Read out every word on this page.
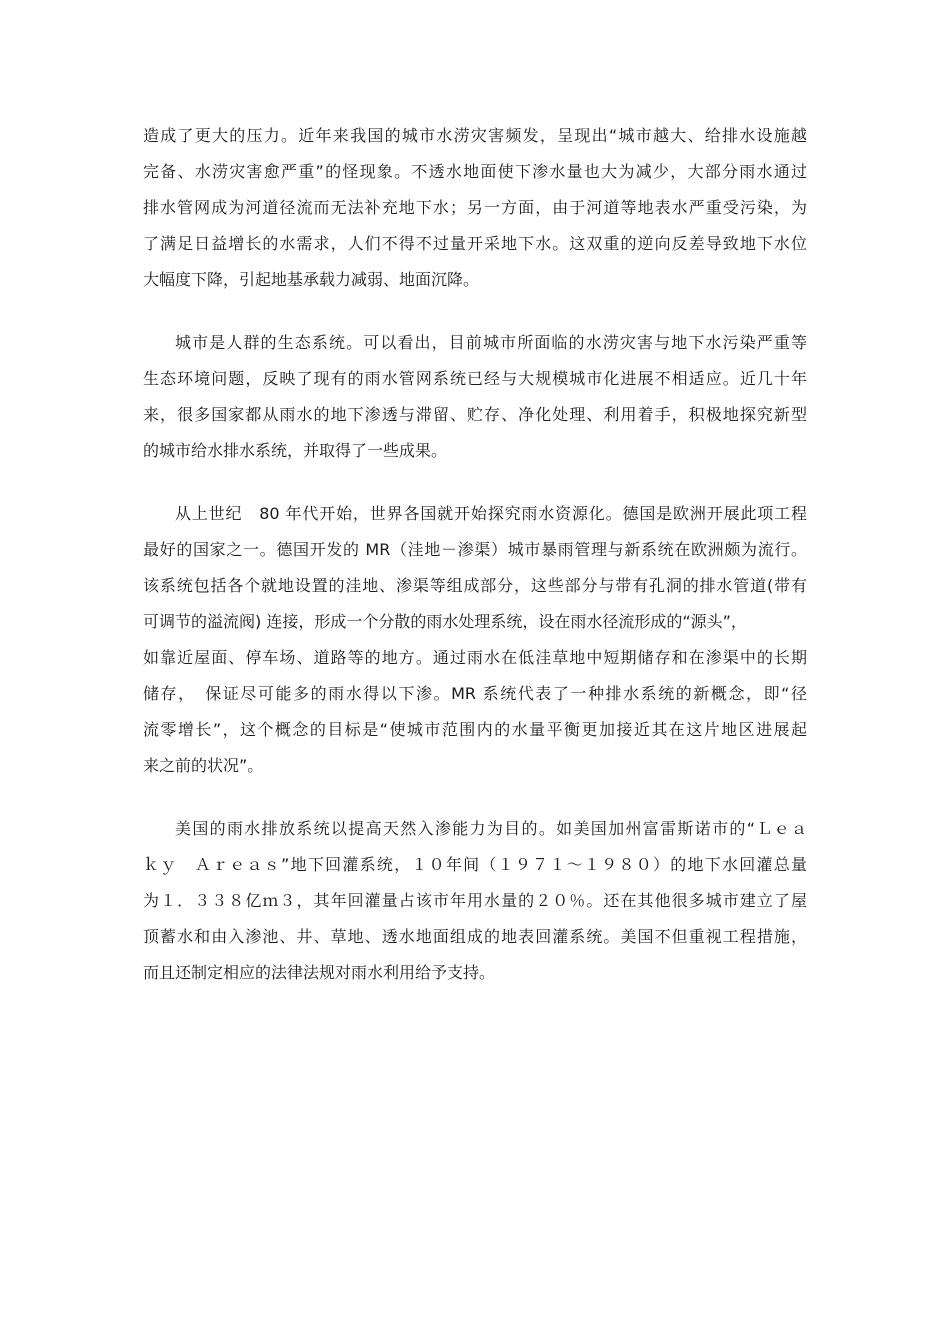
造成了更大的压力。近年来我国的城市水涝灾害频发，呈现出“城市越大、给排水设施越
完备、水涝灾害愈严重”的怪现象。不透水地面使下渗水量也大为减少，大部分雨水通过
排水管网成为河道径流而无法补充地下水；另一方面，由于河道等地表水严重受污染，为
了满足日益增长的水需求，人们不得不过量开采地下水。这双重的逆向反差导致地下水位
大幅度下降，引起地基承载力减弱、地面沉降。
城市是人群的生态系统。可以看出，目前城市所面临的水涝灾害与地下水污染严重等
生态环境问题，反映了现有的雨水管网系统已经与大规模城市化进展不相适应。近几十年
来，很多国家都从雨水的地下渗透与滞留、贮存、净化处理、利用着手，积极地探究新型
的城市给水排水系统，并取得了一些成果。
从上世纪　80 年代开始，世界各国就开始探究雨水资源化。德国是欧洲开展此项工程
最好的国家之一。德国开发的 MR（洼地－渗渠）城市暴雨管理与新系统在欧洲颇为流行。
该系统包括各个就地设置的洼地、渗渠等组成部分，这些部分与带有孔洞的排水管道(带有
可调节的溢流阀) 连接，形成一个分散的雨水处理系统，设在雨水径流形成的“源头”，
如靠近屋面、停车场、道路等的地方。通过雨水在低洼草地中短期储存和在渗渠中的长期
储存，　保证尽可能多的雨水得以下渗。MR 系统代表了一种排水系统的新概念，即“径
流零增长”，这个概念的目标是“使城市范围内的水量平衡更加接近其在这片地区进展起
来之前的状况”。
美国的雨水排放系统以提高天然入渗能力为目的。如美国加州富雷斯诺市的“Ｌｅａ
ｋｙ　Ａｒｅａｓ”地下回灌系统，１０年间（１９７１～１９８０）的地下水回灌总量
为１．３３８亿ｍ３，其年回灌量占该市年用水量的２０％。还在其他很多城市建立了屋
顶蓄水和由入渗池、井、草地、透水地面组成的地表回灌系统。美国不但重视工程措施，
而且还制定相应的法律法规对雨水利用给予支持。
